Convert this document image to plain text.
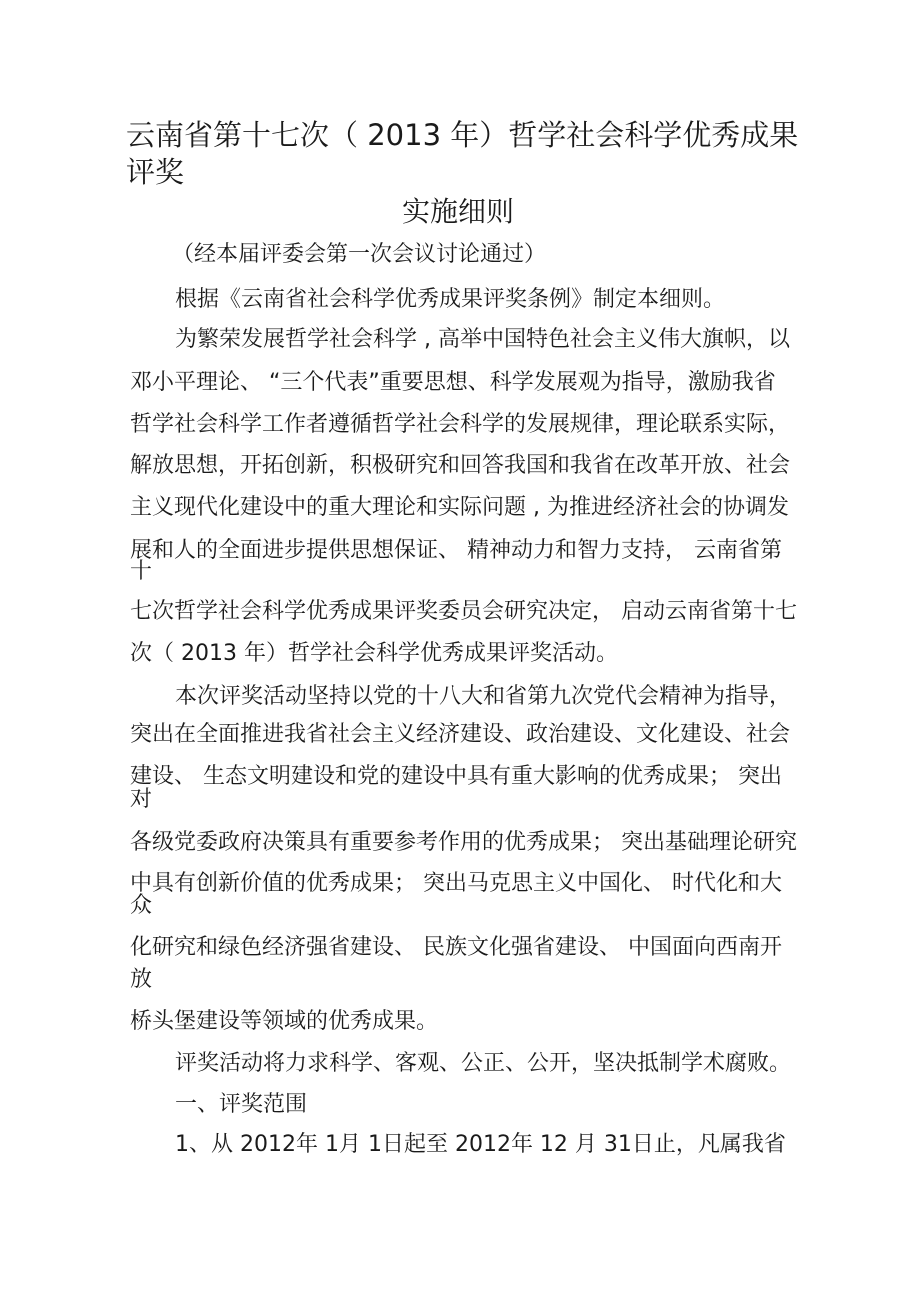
云南省第十七次（ 2013 年）哲学社会科学优秀成果
评奖
实施细则
（经本届评委会第一次会议讨论通过）
根据《云南省社会科学优秀成果评奖条例》制定本细则。
为繁荣发展哲学社会科学 , 高举中国特色社会主义伟大旗帜，以
邓小平理论、 “三个代表”重要思想、科学发展观为指导，激励我省
哲学社会科学工作者遵循哲学社会科学的发展规律，理论联系实际，
解放思想，开拓创新，积极研究和回答我国和我省在改革开放、社会
主义现代化建设中的重大理论和实际问题 , 为推进经济社会的协调发
展和人的全面进步提供思想保证、 精神动力和智力支持， 云南省第
十
七次哲学社会科学优秀成果评奖委员会研究决定， 启动云南省第十七
次（ 2013 年）哲学社会科学优秀成果评奖活动。
本次评奖活动坚持以党的十八大和省第九次党代会精神为指导，
突出在全面推进我省社会主义经济建设、政治建设、文化建设、社会
建设、 生态文明建设和党的建设中具有重大影响的优秀成果； 突出
对
各级党委政府决策具有重要参考作用的优秀成果； 突出基础理论研究
中具有创新价值的优秀成果； 突出马克思主义中国化、 时代化和大
众
化研究和绿色经济强省建设、 民族文化强省建设、 中国面向西南开
放
桥头堡建设等领域的优秀成果。
评奖活动将力求科学、客观、公正、公开，坚决抵制学术腐败。
一、评奖范围
1、从 2012年 1月 1日起至 2012年 12 月 31日止，凡属我省
